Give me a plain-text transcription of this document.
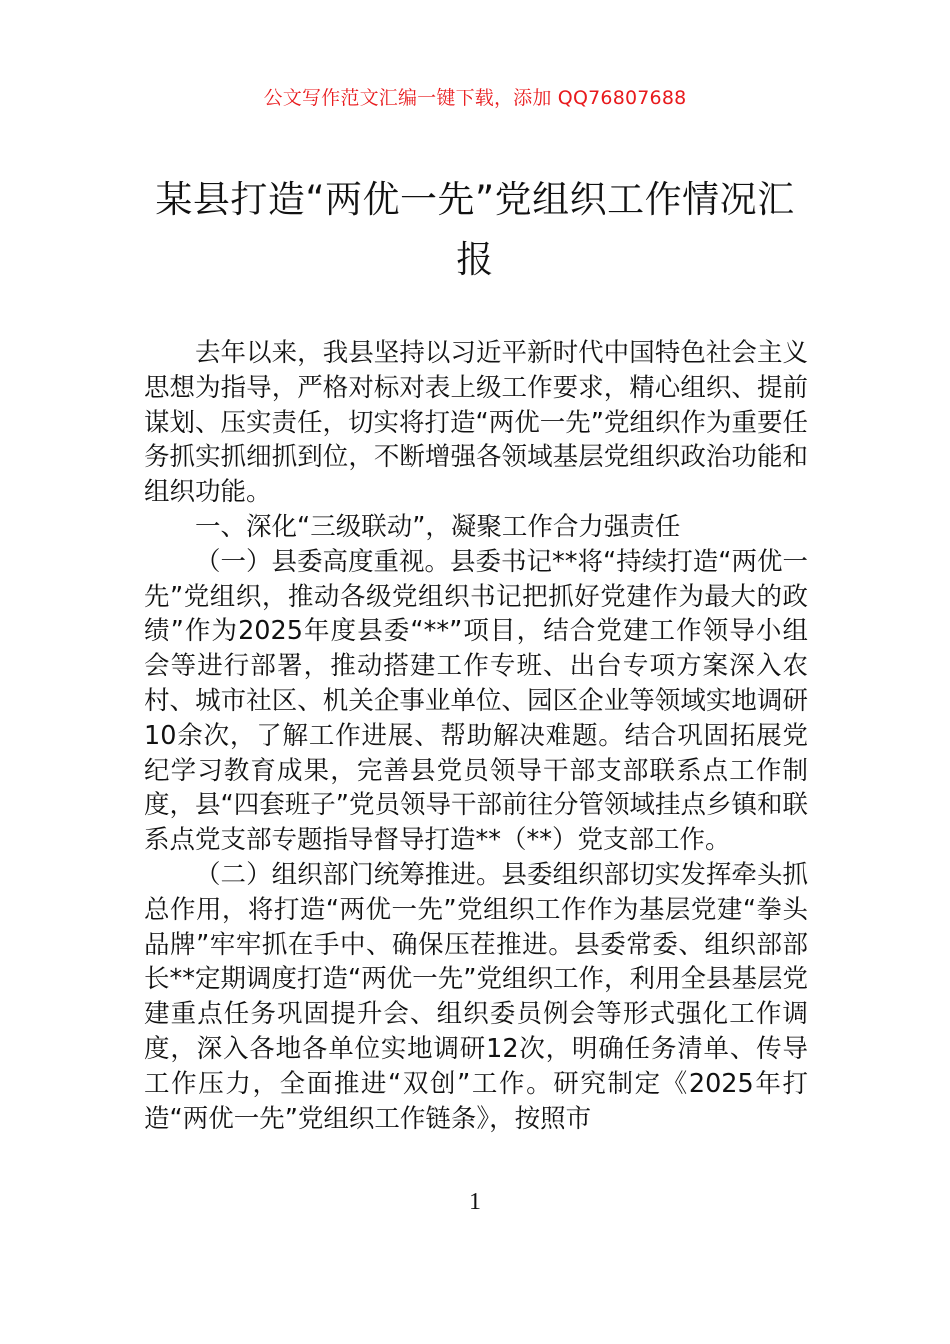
公文写作范文汇编一键下载，添加 QQ76807688
某县打造“两优一先”党组织工作情况汇报

去年以来，我县坚持以习近平新时代中国特色社会主义思想为指导，严格对标对表上级工作要求，精心组织、提前谋划、压实责任，切实将打造“两优一先”党组织作为重要任务抓实抓细抓到位，不断增强各领域基层党组织政治功能和组织功能。

一、深化“三级联动”，凝聚工作合力强责任

（一）县委高度重视。县委书记**将“持续打造“两优一先”党组织，推动各级党组织书记把抓好党建作为最大的政绩”作为2025年度县委“**”项目，结合党建工作领导小组会等进行部署，推动搭建工作专班、出台专项方案深入农村、城市社区、机关企事业单位、园区企业等领域实地调研10余次，了解工作进展、帮助解决难题。结合巩固拓展党纪学习教育成果，完善县党员领导干部支部联系点工作制度，县“四套班子”党员领导干部前往分管领域挂点乡镇和联系点党支部专题指导督导打造**（**）党支部工作。

（二）组织部门统筹推进。县委组织部切实发挥牵头抓总作用，将打造“两优一先”党组织工作作为基层党建“拳头品牌”牢牢抓在手中、确保压茬推进。县委常委、组织部部长**定期调度打造“两优一先”党组织工作，利用全县基层党建重点任务巩固提升会、组织委员例会等形式强化工作调度，深入各地各单位实地调研12次，明确任务清单、传导工作压力，全面推进“双创”工作。研究制定《2025年打造“两优一先”党组织工作链条》，按照市

1
